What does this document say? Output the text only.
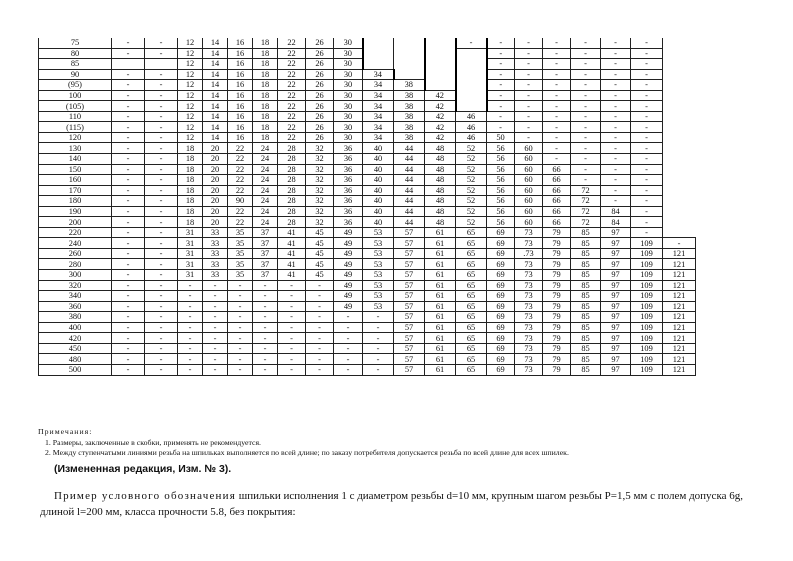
75	-	-	12	14	16	18	22	26	30				-	-	-	-	-	-	-	
80	-	-	12	14	16	18	22	26	30					-	-	-	-	-	-	
85			12	14	16	18	22	26	30					-	-	-	-	-	-	
90	-	-	12	14	16	18	22	26	30	34				-	-	-	-	-	-	
(95)	-	-	12	14	16	18	22	26	30	34	38			-	-	-	-	-	-	
100	-	-	12	14	16	18	22	26	30	34	38	42		-	-	-	-	-	-	
(105)	-	-	12	14	16	18	22	26	30	34	38	42		-	-	-	-	-	-	
110	-	-	12	14	16	18	22	26	30	34	38	42	46	-	-	-	-	-	-	
(115)	-	-	12	14	16	18	22	26	30	34	38	42	46	-	-	-	-	-	-	
120	-	-	12	14	16	18	22	26	30	34	38	42	46	50	-	-	-	-	-	
130	-	-	18	20	22	24	28	32	36	40	44	48	52	56	60	-	-	-	-	
140	-	-	18	20	22	24	28	32	36	40	44	48	52	56	60	-	-	-	-	
150	-	-	18	20	22	24	28	32	36	40	44	48	52	56	60	66	-	-	-	
160	-	-	18	20	22	24	28	32	36	40	44	48	52	56	60	66	-	-	-	
170	-	-	18	20	22	24	28	32	36	40	44	48	52	56	60	66	72	-	-	
180	-	-	18	20	90	24	28	32	36	40	44	48	52	56	60	66	72	-	-	
190	-	-	18	20	22	24	28	32	36	40	44	48	52	56	60	66	72	84	-	
200	-	-	18	20	22	24	28	32	36	40	44	48	52	56	60	66	72	84	-	
220	-	-	31	33	35	37	41	45	49	53	57	61	65	69	73	79	85	97	-	
240	-	-	31	33	35	37	41	45	49	53	57	61	65	69	73	79	85	97	109	-
260	-	-	31	33	35	37	41	45	49	53	57	61	65	69	.73	79	85	97	109	121
280	-	-	31	33	35	37	41	45	49	53	57	61	65	69	73	79	85	97	109	121
300	-	-	31	33	35	37	41	45	49	53	57	61	65	69	73	79	85	97	109	121
320	-	-	-	-	-	-	-	-	49	53	57	61	65	69	73	79	85	97	109	121
340	-	-	-	-	-	-	-	-	49	53	57	61	65	69	73	79	85	97	109	121
360	-	-	-	-	-	-	-	-	49	53	57	61	65	69	73	79	85	97	109	121
380	-	-	-	-	-	-	-	-	-	-	57	61	65	69	73	79	85	97	109	121
400	-	-	-	-	-	-	-	-	-	-	57	61	65	69	73	79	85	97	109	121
420	-	-	-	-	-	-	-	-	-	-	57	61	65	69	73	79	85	97	109	121
450	-	-	-	-	-	-	-	-	-	-	57	61	65	69	73	79	85	97	109	121
480	-	-	-	-	-	-	-	-	-	-	57	61	65	69	73	79	85	97	109	121
500	-	-	-	-	-	-	-	-	-	-	57	61	65	69	73	79	85	97	109	121
Примечания:
1. Размеры, заключенные в скобки, применять не рекомендуется.
2. Между ступенчатыми линиями резьба на шпильках выполняется по всей длине; по заказу потребителя допускается резьба по всей длине для всех шпилек.
(Измененная редакция, Изм. № 3).
Пример условного обозначения шпильки исполнения 1 с диаметром резьбы d=10 мм, крупным шагом резьбы Р=1,5 мм с полем допуска 6g, длиной l=200 мм, класса прочности 5.8, без покрытия:
